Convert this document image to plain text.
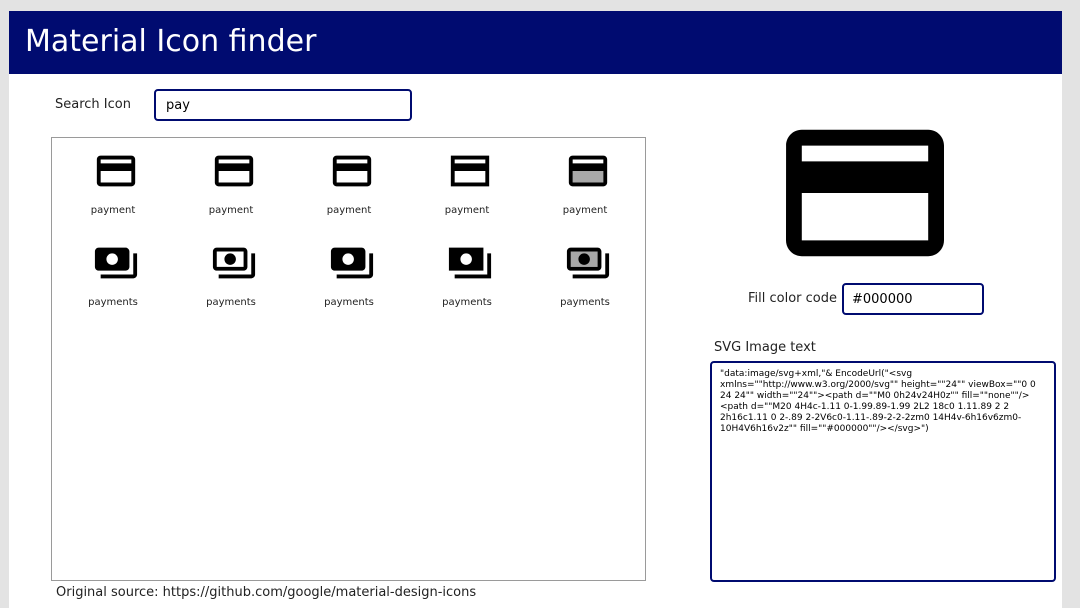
Material Icon finder
Search Icon
pay
payment	payment	payment	payment	payment
payments	payments	payments	payments	payments	Fill color code
#000000
SVG Image text
"data:image/svg+xml,"& EncodeUrl("<svg xmlns=""http://www.w3.org/2000/svg"" height=""24"" viewBox=""0 0 24 24"" width=""24""><path d=""M0 0h24v24H0z"" fill=""none""/><path d=""M20 4H4c-1.11 0-1.99.89-1.99 2L2 18c0 1.11.89 2 2 2h16c1.11 0 2-.89 2-2V6c0-1.11-.89-2-2-2zm0 14H4v-6h16v6zm0-10H4V6h16v2z"" fill=""#000000""/></svg>")
Original source: https://github.com/google/material-design-icons
